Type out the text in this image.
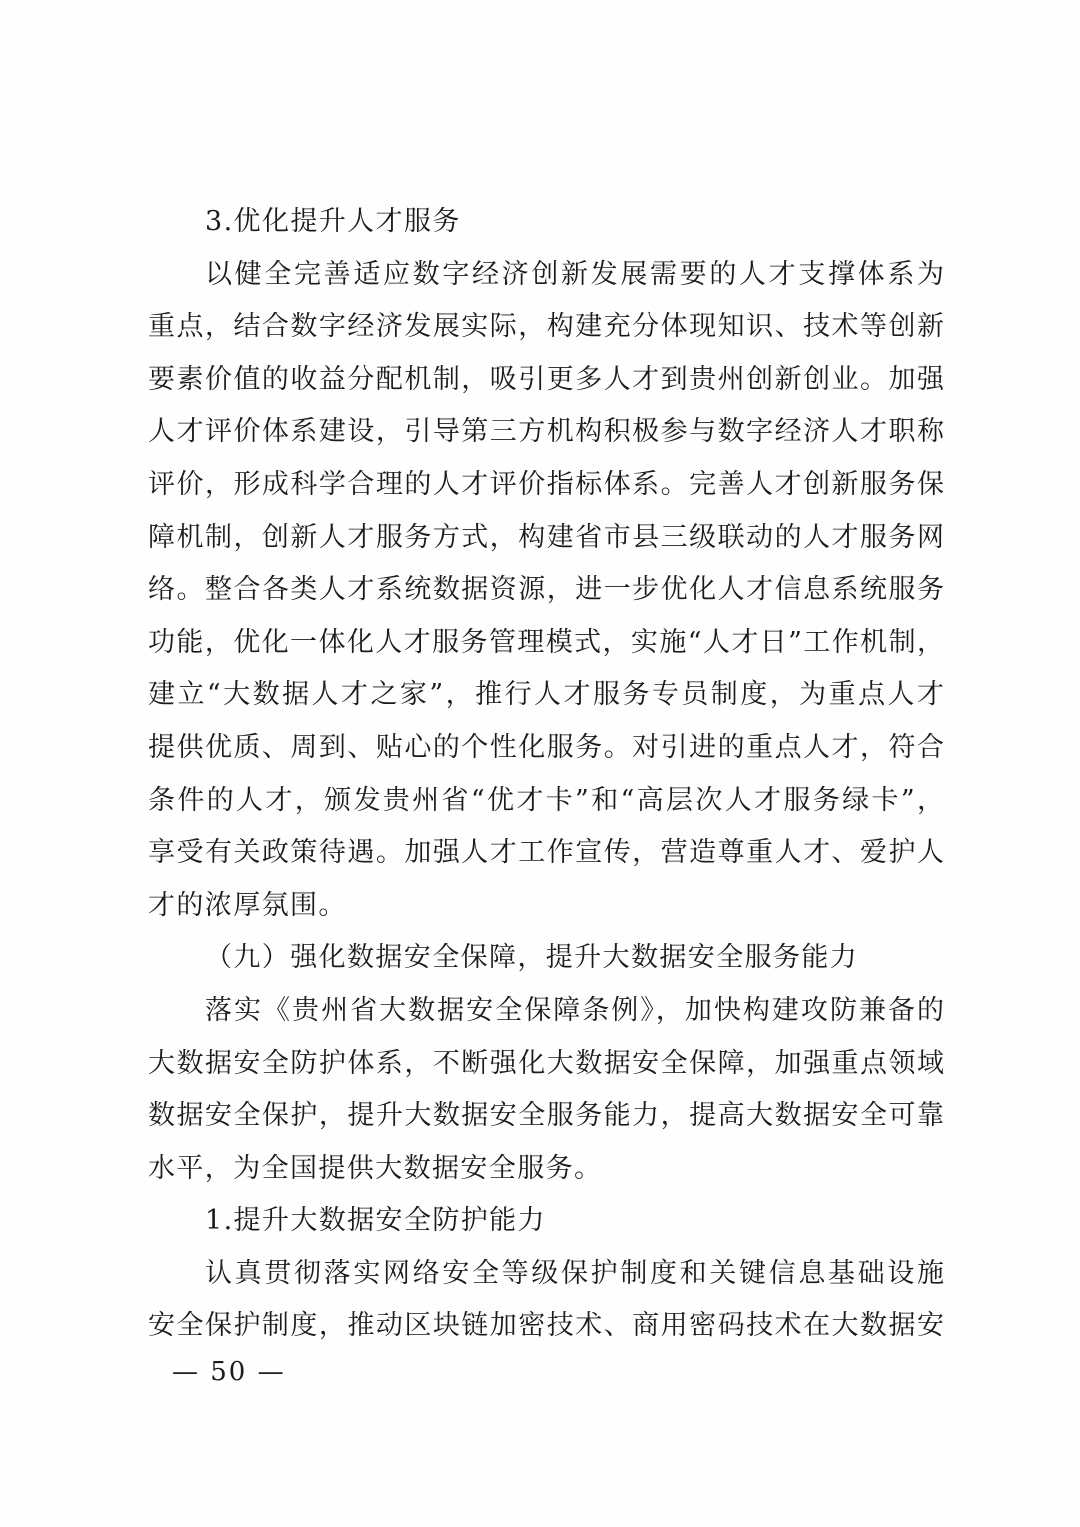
3.优化提升人才服务
以健全完善适应数字经济创新发展需要的人才支撑体系为
重点，结合数字经济发展实际，构建充分体现知识、技术等创新
要素价值的收益分配机制，吸引更多人才到贵州创新创业。加强
人才评价体系建设，引导第三方机构积极参与数字经济人才职称
评价，形成科学合理的人才评价指标体系。完善人才创新服务保
障机制，创新人才服务方式，构建省市县三级联动的人才服务网
络。整合各类人才系统数据资源，进一步优化人才信息系统服务
功能，优化一体化人才服务管理模式，实施“人才日”工作机制，
建立“大数据人才之家”，推行人才服务专员制度，为重点人才
提供优质、周到、贴心的个性化服务。对引进的重点人才，符合
条件的人才，颁发贵州省“优才卡”和“高层次人才服务绿卡”，
享受有关政策待遇。加强人才工作宣传，营造尊重人才、爱护人
才的浓厚氛围。
（九）强化数据安全保障，提升大数据安全服务能力
落实《贵州省大数据安全保障条例》，加快构建攻防兼备的
大数据安全防护体系，不断强化大数据安全保障，加强重点领域
数据安全保护，提升大数据安全服务能力，提高大数据安全可靠
水平，为全国提供大数据安全服务。
1.提升大数据安全防护能力
认真贯彻落实网络安全等级保护制度和关键信息基础设施
安全保护制度，推动区块链加密技术、商用密码技术在大数据安
— 50 —
